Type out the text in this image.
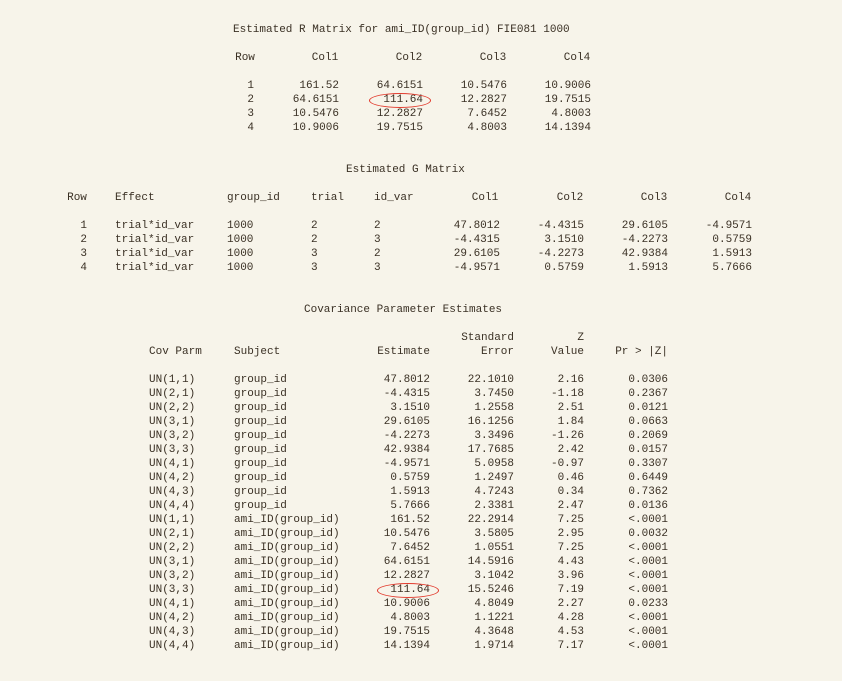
Estimated R Matrix for ami_ID(group_id) FIE081 1000
Row	Col1	Col2	Col3	Col4
1	161.52	64.6151	10.5476	10.9006
2	64.6151	111.64	12.2827	19.7515
3	10.5476	12.2827	7.6452	4.8003
4	10.9006	19.7515	4.8003	14.1394
Estimated G Matrix
Row	Effect	group_id	trial	id_var	Col1	Col2	Col3	Col4
1	trial*id_var	1000	2	2	47.8012	-4.4315	29.6105	-4.9571
2	trial*id_var	1000	2	3	-4.4315	3.1510	-4.2273	0.5759
3	trial*id_var	1000	3	2	29.6105	-4.2273	42.9384	1.5913
4	trial*id_var	1000	3	3	-4.9571	0.5759	1.5913	5.7666
Covariance Parameter Estimates
Standard	Z
Cov Parm	Subject	Estimate	Error	Value	Pr > |Z|
UN(1,1)	group_id	47.8012	22.1010	2.16	0.0306
UN(2,1)	group_id	-4.4315	3.7450	-1.18	0.2367
UN(2,2)	group_id	3.1510	1.2558	2.51	0.0121
UN(3,1)	group_id	29.6105	16.1256	1.84	0.0663
UN(3,2)	group_id	-4.2273	3.3496	-1.26	0.2069
UN(3,3)	group_id	42.9384	17.7685	2.42	0.0157
UN(4,1)	group_id	-4.9571	5.0958	-0.97	0.3307
UN(4,2)	group_id	0.5759	1.2497	0.46	0.6449
UN(4,3)	group_id	1.5913	4.7243	0.34	0.7362
UN(4,4)	group_id	5.7666	2.3381	2.47	0.0136
UN(1,1)	ami_ID(group_id)	161.52	22.2914	7.25	<.0001
UN(2,1)	ami_ID(group_id)	10.5476	3.5805	2.95	0.0032
UN(2,2)	ami_ID(group_id)	7.6452	1.0551	7.25	<.0001
UN(3,1)	ami_ID(group_id)	64.6151	14.5916	4.43	<.0001
UN(3,2)	ami_ID(group_id)	12.2827	3.1042	3.96	<.0001
UN(3,3)	ami_ID(group_id)	111.64	15.5246	7.19	<.0001
UN(4,1)	ami_ID(group_id)	10.9006	4.8049	2.27	0.0233
UN(4,2)	ami_ID(group_id)	4.8003	1.1221	4.28	<.0001
UN(4,3)	ami_ID(group_id)	19.7515	4.3648	4.53	<.0001
UN(4,4)	ami_ID(group_id)	14.1394	1.9714	7.17	<.0001
